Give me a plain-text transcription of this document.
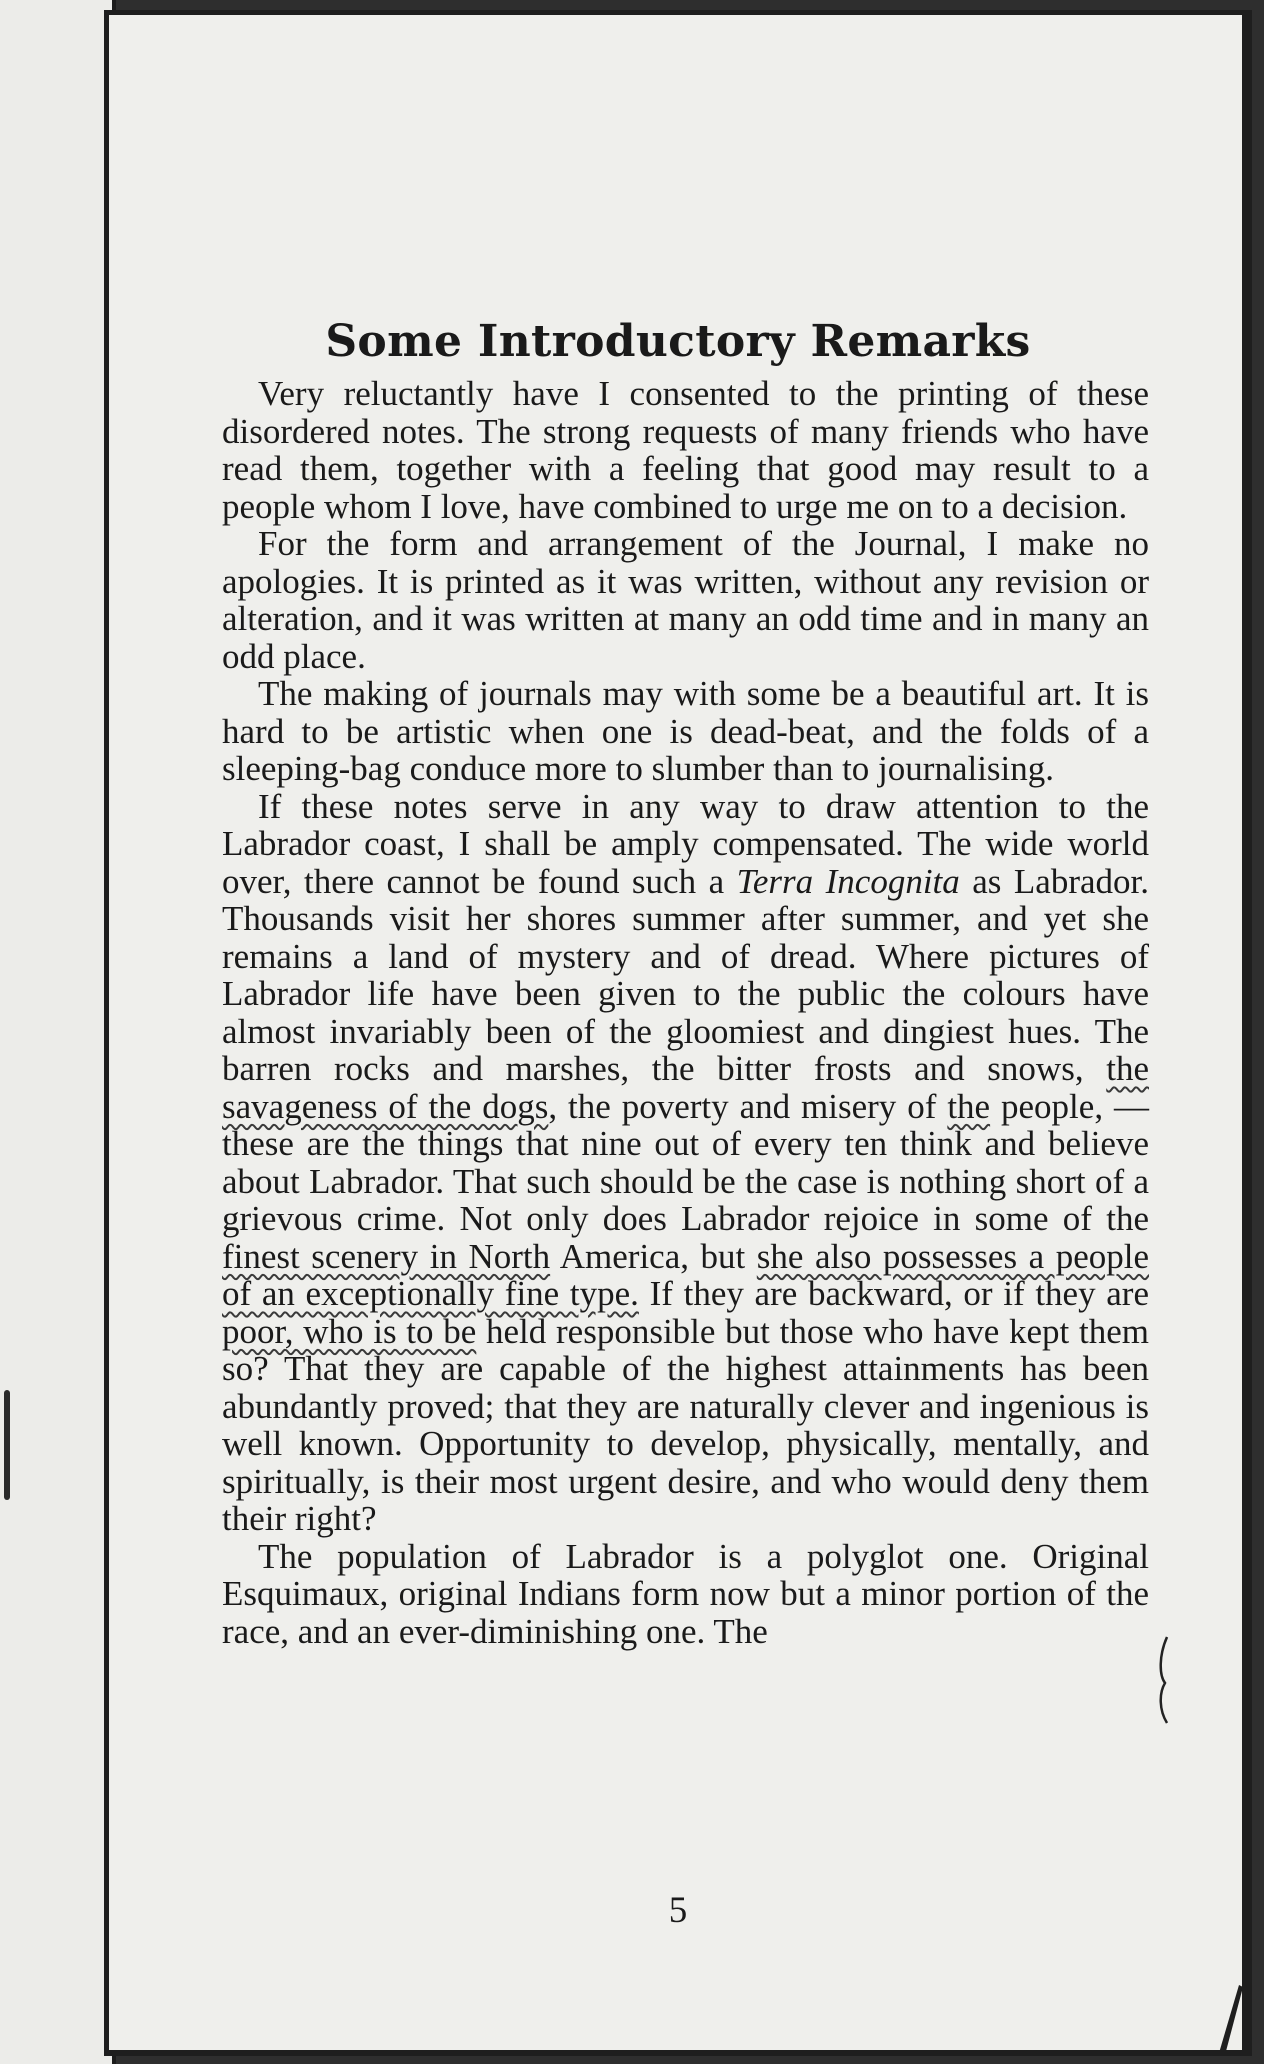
Some Introductory Remarks

Very reluctantly have I consented to the printing of these disordered notes. The strong requests of many friends who have read them, together with a feeling that good may result to a people whom I love, have combined to urge me on to a decision.

For the form and arrangement of the Journal, I make no apologies. It is printed as it was written, without any revision or alteration, and it was written at many an odd time and in many an odd place.

The making of journals may with some be a beautiful art. It is hard to be artistic when one is dead-beat, and the folds of a sleeping-bag conduce more to slumber than to journalising.

If these notes serve in any way to draw attention to the Labrador coast, I shall be amply compensated. The wide world over, there cannot be found such a Terra Incognita as Labrador. Thousands visit her shores summer after summer, and yet she remains a land of mystery and of dread. Where pictures of Labrador life have been given to the public the colours have almost invariably been of the gloomiest and dingiest hues. The barren rocks and marshes, the bitter frosts and snows, the savageness of the dogs, the poverty and misery of the people, — these are the things that nine out of every ten think and believe about Labrador. That such should be the case is nothing short of a grievous crime. Not only does Labrador rejoice in some of the finest scenery in North America, but she also possesses a people of an exceptionally fine type. If they are backward, or if they are poor, who is to be held responsible but those who have kept them so? That they are capable of the highest attainments has been abundantly proved; that they are naturally clever and ingenious is well known. Opportunity to develop, physically, mentally, and spiritually, is their most urgent desire, and who would deny them their right?

The population of Labrador is a polyglot one. Original Esquimaux, original Indians form now but a minor portion of the race, and an ever-diminishing one. The

5
